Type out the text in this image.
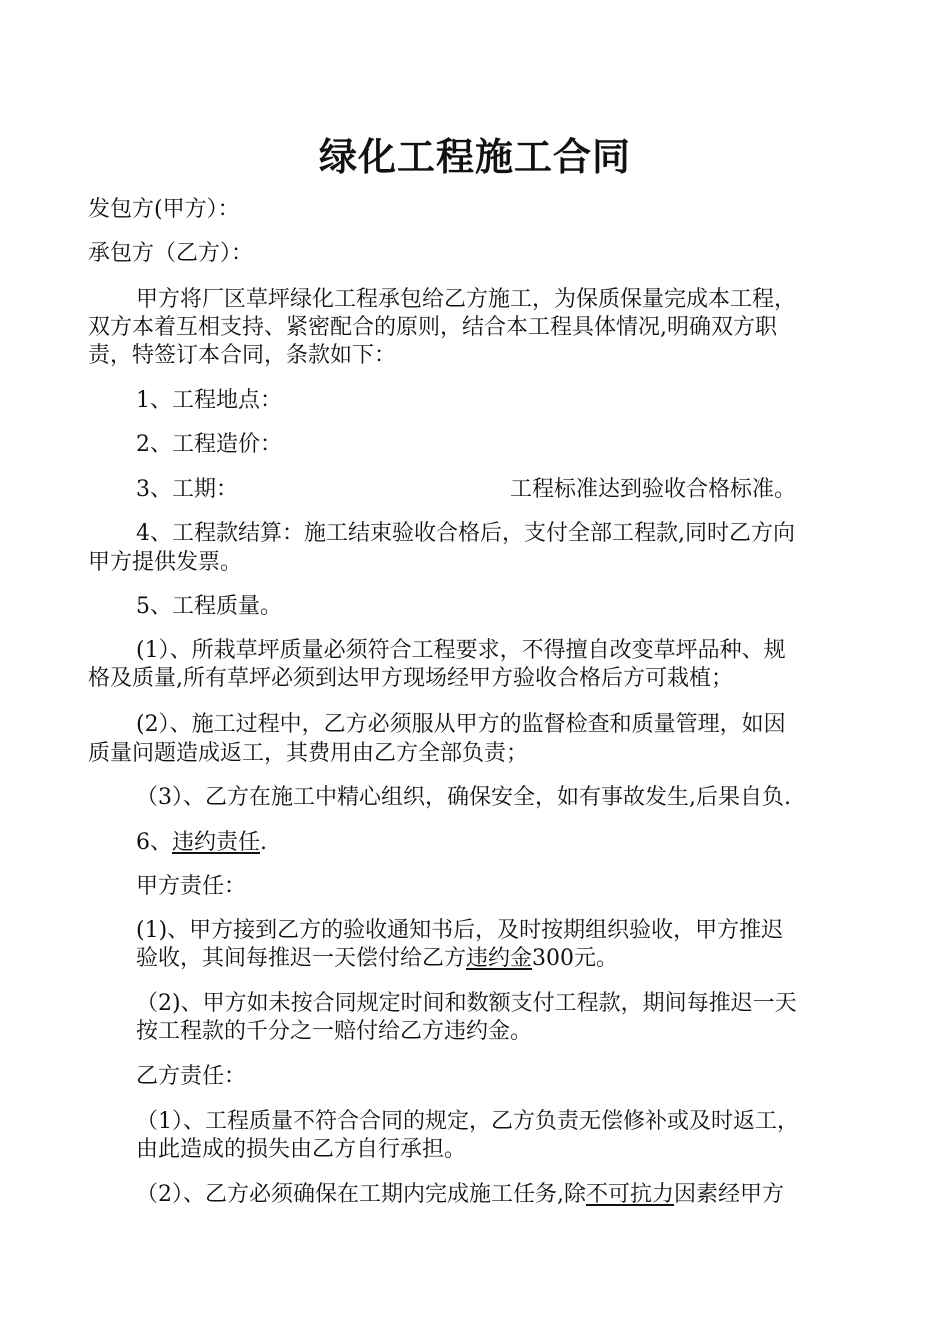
绿化工程施工合同
发包方(甲方）：
承包方（乙方）：
甲方将厂区草坪绿化工程承包给乙方施工，为保质保量完成本工程，
双方本着互相支持、紧密配合的原则，结合本工程具体情况,明确双方职
责，特签订本合同，条款如下：
1、工程地点：
2、工程造价：
3、工期：	工程标准达到验收合格标准。
4、工程款结算：施工结束验收合格后，支付全部工程款,同时乙方向
甲方提供发票。
5、工程质量。
(1）、所栽草坪质量必须符合工程要求，不得擅自改变草坪品种、规
格及质量,所有草坪必须到达甲方现场经甲方验收合格后方可栽植；
(2）、施工过程中，乙方必须服从甲方的监督检查和质量管理，如因
质量问题造成返工，其费用由乙方全部负责；
（3）、乙方在施工中精心组织，确保安全，如有事故发生,后果自负.
6、违约责任.
甲方责任：
(1)、甲方接到乙方的验收通知书后，及时按期组织验收，甲方推迟
验收，其间每推迟一天偿付给乙方违约金300元。
（2)、甲方如未按合同规定时间和数额支付工程款，期间每推迟一天
按工程款的千分之一赔付给乙方违约金。
乙方责任：
（1）、工程质量不符合合同的规定，乙方负责无偿修补或及时返工，
由此造成的损失由乙方自行承担。
（2）、乙方必须确保在工期内完成施工任务,除不可抗力因素经甲方
